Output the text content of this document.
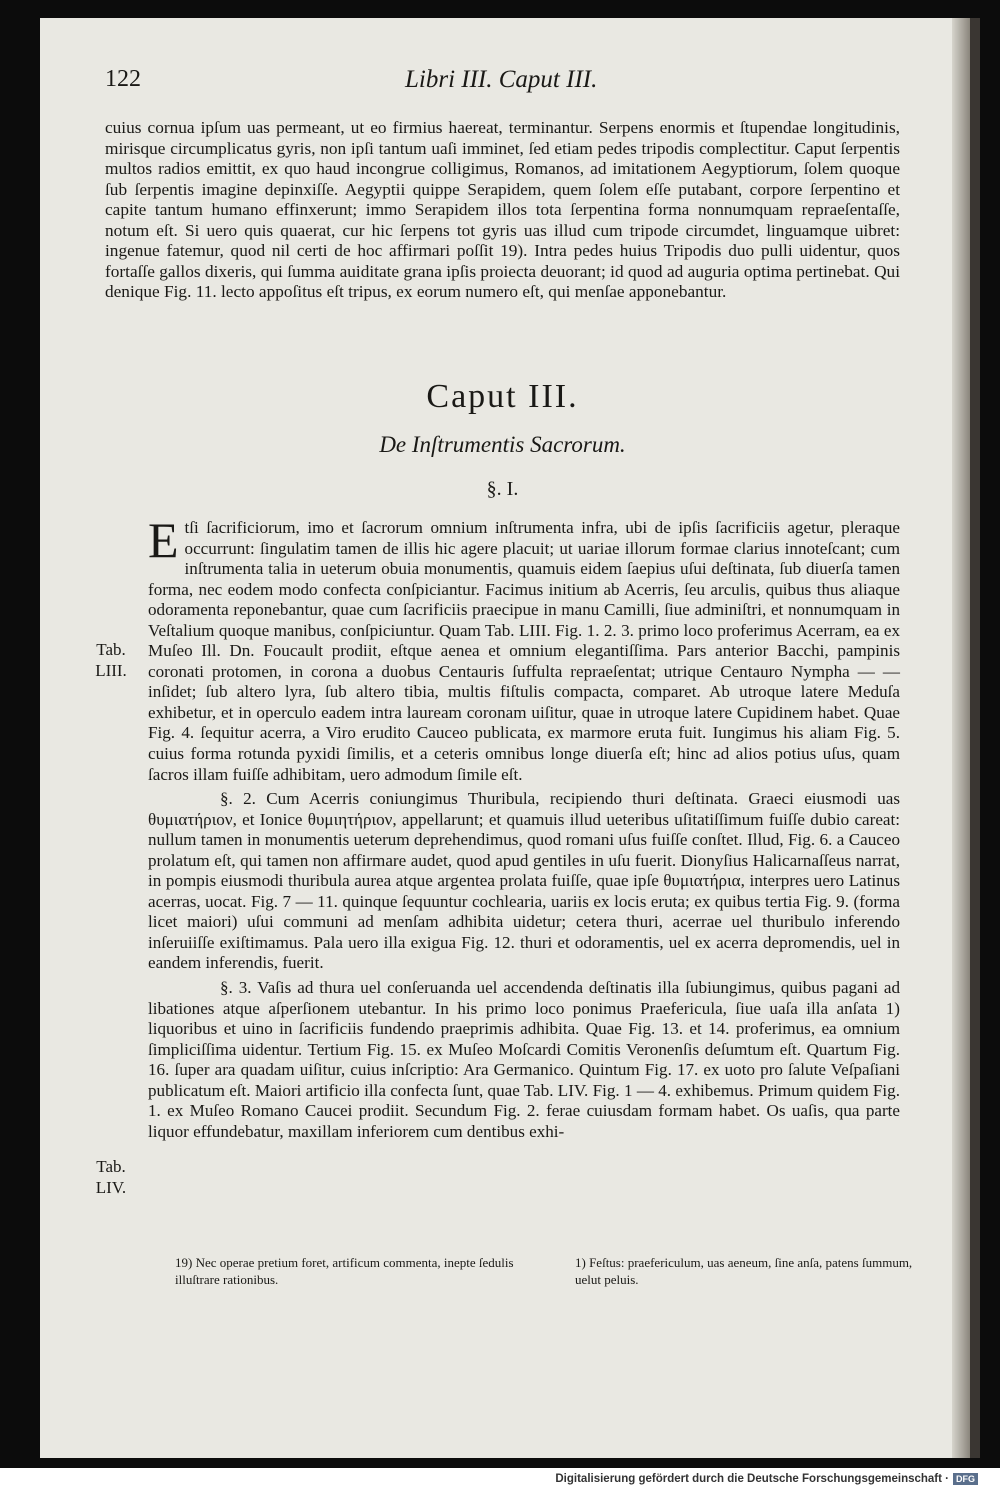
122	Libri III. Caput III.

cuius cornua ipſum uas permeant, ut eo firmius haereat, terminantur. Serpens enormis et ſtupendae longitudinis, mirisque circumplicatus gyris, non ipſi tantum uaſi imminet, ſed etiam pedes tripodis complectitur. Caput ſerpentis multos radios emittit, ex quo haud incongrue colligimus, Romanos, ad imitationem Aegyptiorum, ſolem quoque ſub ſerpentis imagine depinxiſſe. Aegyptii quippe Serapidem, quem ſolem eſſe putabant, corpore ſerpentino et capite tantum humano effinxerunt; immo Serapidem illos tota ſerpentina forma nonnumquam repraeſentaſſe, notum eſt. Si uero quis quaerat, cur hic ſerpens tot gyris uas illud cum tripode circumdet, linguamque uibret: ingenue fatemur, quod nil certi de hoc affirmari poſſit 19). Intra pedes huius Tripodis duo pulli uidentur, quos fortaſſe gallos dixeris, qui ſumma auiditate grana ipſis proiecta deuorant; id quod ad auguria optima pertinebat. Qui denique Fig. 11. lecto appoſitus eſt tripus, ex eorum numero eſt, qui menſae apponebantur.

Caput III.
De Inſtrumentis Sacrorum.
§. I.

Etſi ſacrificiorum, imo et ſacrorum omnium inſtrumenta infra, ubi de ipſis ſacrificiis agetur, pleraque occurrunt: ſingulatim tamen de illis hic agere placuit; ut uariae illorum formae clarius innoteſcant; cum inſtrumenta talia in ueterum obuia monumentis, quamuis eidem ſaepius uſui deſtinata, ſub diuerſa tamen forma, nec eodem modo confecta conſpiciantur. Facimus initium ab Acerris, ſeu arculis, quibus thus aliaque odoramenta reponebantur, quae cum ſacrificiis praecipue in manu Camilli, ſiue adminiſtri, et nonnumquam in Veſtalium quoque manibus, conſpiciuntur. Quam Tab. LIII. Fig. 1. 2. 3. primo loco proferimus Acerram, ea ex Muſeo Ill. Dn. Foucault prodiit, eſtque aenea et omnium elegantiſſima. Pars anterior Bacchi, pampinis coronati protomen, in corona a duobus Centauris ſuffulta repraeſentat; utrique Centauro Nympha — — inſidet; ſub altero lyra, ſub altero tibia, multis fiſtulis compacta, comparet. Ab utroque latere Meduſa exhibetur, et in operculo eadem intra lauream coronam uiſitur, quae in utroque latere Cupidinem habet. Quae Fig. 4. ſequitur acerra, a Viro erudito Cauceo publicata, ex marmore eruta fuit. Iungimus his aliam Fig. 5. cuius forma rotunda pyxidi ſimilis, et a ceteris omnibus longe diuerſa eſt; hinc ad alios potius uſus, quam ſacros illam fuiſſe adhibitam, uero admodum ſimile eſt.

§. 2. Cum Acerris coniungimus Thuribula, recipiendo thuri deſtinata. Graeci eiusmodi uas θυμιατήριον, et Ionice θυμιητήριον, appellarunt; et quamuis illud ueteribus uſitatiſſimum fuiſſe dubio careat: nullum tamen in monumentis ueterum deprehendimus, quod romani uſus fuiſſe conſtet. Illud, Fig. 6. a Cauceo prolatum eſt, qui tamen non affirmare audet, quod apud gentiles in uſu fuerit. Dionyſius Halicarnaſſeus narrat, in pompis eiusmodi thuribula aurea atque argentea prolata fuiſſe, quae ipſe θυμιατήρια, interpres uero Latinus acerras, uocat. Fig. 7 — 11. quinque ſequuntur cochlearia, uariis ex locis eruta; ex quibus tertia Fig. 9. (forma licet maiori) uſui communi ad menſam adhibita uidetur; cetera thuri, acerrae uel thuribulo inferendo inſeruiiſſe exiſtimamus. Pala uero illa exigua Fig. 12. thuri et odoramentis, uel ex acerra depromendis, uel in eandem inferendis, fuerit.

§. 3. Vaſis ad thura uel conſeruanda uel accendenda deſtinatis illa ſubiungimus, quibus pagani ad libationes atque aſperſionem utebantur. In his primo loco ponimus Praefericula, ſiue uaſa illa anſata 1) liquoribus et uino in ſacrificiis fundendo praeprimis adhibita. Quae Fig. 13. et 14. proferimus, ea omnium ſimpliciſſima uidentur. Tertium Fig. 15. ex Muſeo Moſcardi Comitis Veronenſis deſumtum eſt. Quartum Fig. 16. ſuper ara quadam uiſitur, cuius inſcriptio: Ara Germanico. Quintum Fig. 17. ex uoto pro ſalute Veſpaſiani publicatum eſt. Maiori artificio illa confecta ſunt, quae Tab. LIV. Fig. 1 — 4. exhibemus. Primum quidem Fig. 1. ex Muſeo Romano Caucei prodiit. Secundum Fig. 2. ferae cuiusdam formam habet. Os uaſis, qua parte liquor effundebatur, maxillam inferiorem cum dentibus exhi-

Tab.
LIII.
Tab.
LIV.
19) Nec operae pretium foret, artificum commenta, inepte ſedulis illuſtrare rationibus.
1) Feſtus: praefericulum, uas aeneum, ſine anſa, patens ſummum, uelut peluis.
Digitalisierung gefördert durch die Deutsche Forschungsgemeinschaft · DFG
